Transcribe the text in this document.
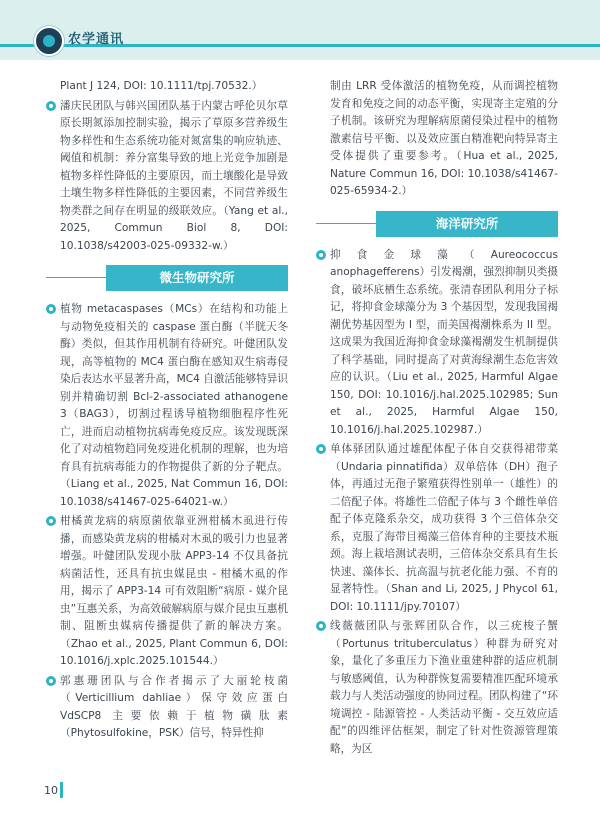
农学通讯
Plant J 124, DOI: 10.1111/tpj.70532.）
潘庆民团队与韩兴国团队基于内蒙古呼伦贝尔草原长期氮添加控制实验，揭示了草原多营养级生物多样性和生态系统功能对氮富集的响应轨迹、阈值和机制：养分富集导致的地上光竞争加剧是植物多样性降低的主要原因，而土壤酸化是导致土壤生物多样性降低的主要因素，不同营养级生物类群之间存在明显的级联效应。（Yang et al., 2025, Commun Biol 8, DOI: 10.1038/s42003-025-09332-w.）
微生物研究所
植物 metacaspases（MCs）在结构和功能上与动物免疫相关的 caspase 蛋白酶（半胱天冬酶）类似，但其作用机制有待研究。叶健团队发现，高等植物的 MC4 蛋白酶在感知双生病毒侵染后表达水平显著升高，MC4 自激活能够特异识别并精确切割 Bcl-2-associated athanogene 3（BAG3），切割过程诱导植物细胞程序性死亡，进而启动植物抗病毒免疫反应。该发现既深化了对动植物趋同免疫进化机制的理解，也为培育具有抗病毒能力的作物提供了新的分子靶点。（Liang et al., 2025, Nat Commun 16, DOI: 10.1038/s41467-025-64021-w.）
柑橘黄龙病的病原菌依靠亚洲柑橘木虱进行传播，而感染黄龙病的柑橘对木虱的吸引力也显著增强。叶健团队发现小肽 APP3-14 不仅具备抗病菌活性，还具有抗虫媒昆虫 - 柑橘木虱的作用，揭示了 APP3-14 可有效阻断“病原 - 媒介昆虫”互惠关系，为高效破解病原与媒介昆虫互惠机制、阻断虫媒病传播提供了新的解决方案。（Zhao et al., 2025, Plant Commun 6, DOI: 10.1016/j.xplc.2025.101544.）
郭惠珊团队与合作者揭示了大丽轮枝菌（Verticillium dahliae）保守效应蛋白 VdSCP8 主要依赖于植物磺肽素（Phytosulfokine，PSK）信号，特异性抑
制由 LRR 受体激活的植物免疫，从而调控植物发育和免疫之间的动态平衡，实现寄主定殖的分子机制。该研究为理解病原菌侵染过程中的植物激素信号平衡、以及效应蛋白精准靶向特异寄主受体提供了重要参考。（Hua et al., 2025, Nature Commun 16, DOI: 10.1038/s41467-025-65934-2.）
海洋研究所
抑食金球藻（Aureococcus anophagefferens）引发褐潮，强烈抑制贝类摄食，破坏底栖生态系统。张清春团队利用分子标记，将抑食金球藻分为 3 个基因型，发现我国褐潮优势基因型为 I 型，而美国褐潮株系为 II 型。这成果为我国近海抑食金球藻褐潮发生机制提供了科学基础，同时提高了对黄海绿潮生态危害效应的认识。（Liu et al., 2025, Harmful Algae 150, DOI: 10.1016/j.hal.2025.102985; Sun et al., 2025, Harmful Algae 150, 10.1016/j.hal.2025.102987.）
单体驿团队通过雄配体配子体自交获得裙带菜（Undaria pinnatifida）双单倍体（DH）孢子体，再通过无孢子繁殖获得性别单一（雄性）的二倍配子体。将雄性二倍配子体与 3 个雌性单倍配子体克隆系杂交，成功获得 3 个三倍体杂交系，克服了海带目褐藻三倍体育种的主要技术瓶颈。海上栽培测试表明，三倍体杂交系具有生长快速、藻体长、抗高温与抗老化能力强、不育的显著特性。（Shan and Li, 2025, J Phycol 61, DOI: 10.1111/jpy.70107）
线薇薇团队与张辉团队合作，以三疣梭子蟹（Portunus trituberculatus）种群为研究对象，量化了多重压力下渔业重建种群的适应机制与敏感阈值，认为种群恢复需要精准匹配环境承载力与人类活动强度的协同过程。团队构建了“环境调控 - 陆源管控 - 人类活动平衡 - 交互效应适配”的四维评估框架，制定了针对性资源管理策略，为区
10
